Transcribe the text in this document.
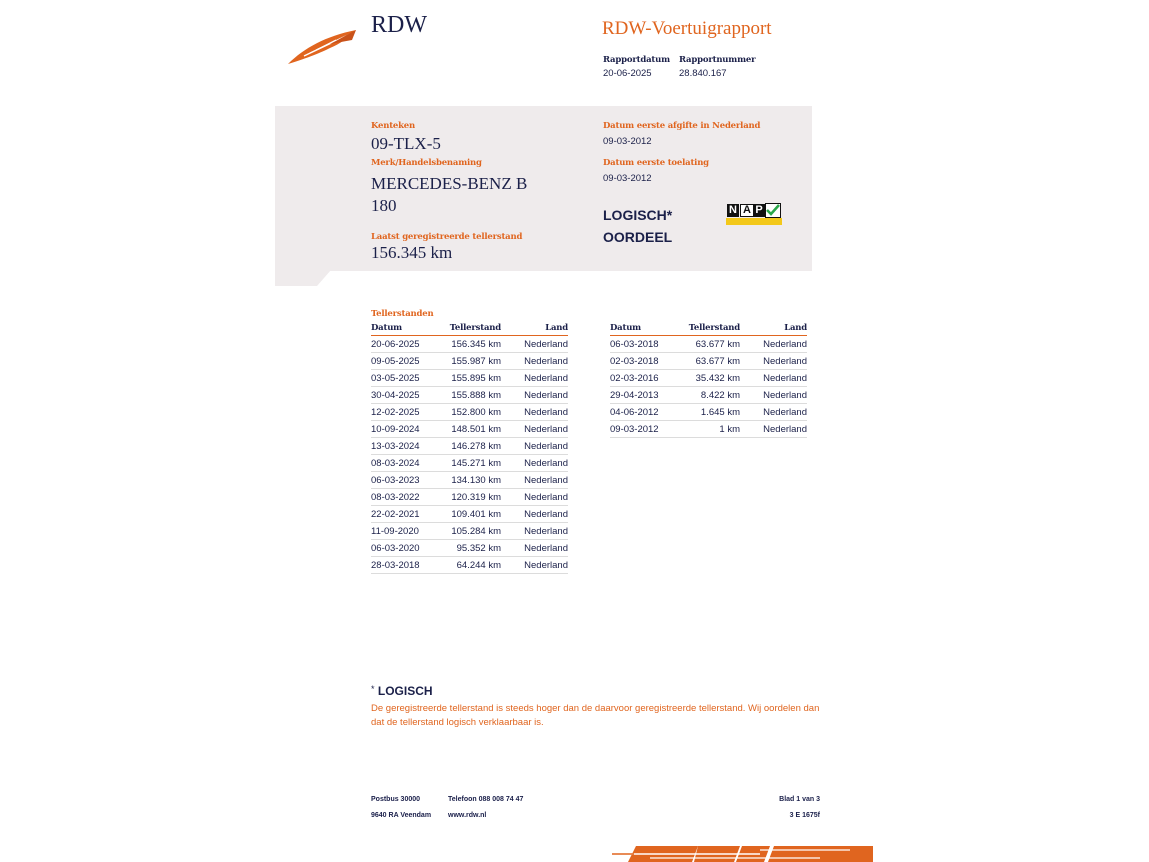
RDW	RDW-Voertuigrapport
Rapportdatum Rapportnummer
20-06-2025	28.840.167
Kenteken
09-TLX-5
Merk/Handelsbenaming
MERCEDES-BENZ B
180
Laatst geregistreerde tellerstand
156.345 km
Datum eerste afgifte in Nederland
09-03-2012
Datum eerste toelating
09-03-2012
LOGISCH*
OORDEEL
N A P
Tellerstanden
Datum	Tellerstand	Land
20-06-2025	156.345 km	Nederland
09-05-2025	155.987 km	Nederland
03-05-2025	155.895 km	Nederland
30-04-2025	155.888 km	Nederland
12-02-2025	152.800 km	Nederland
10-09-2024	148.501 km	Nederland
13-03-2024	146.278 km	Nederland
08-03-2024	145.271 km	Nederland
06-03-2023	134.130 km	Nederland
08-03-2022	120.319 km	Nederland
22-02-2021	109.401 km	Nederland
11-09-2020	105.284 km	Nederland
06-03-2020	95.352 km	Nederland
28-03-2018	64.244 km	Nederland
Datum	Tellerstand	Land
06-03-2018	63.677 km	Nederland
02-03-2018	63.677 km	Nederland
02-03-2016	35.432 km	Nederland
29-04-2013	8.422 km	Nederland
04-06-2012	1.645 km	Nederland
09-03-2012	1 km	Nederland
* LOGISCH
De geregistreerde tellerstand is steeds hoger dan de daarvoor geregistreerde tellerstand. Wij oordelen dan
dat de tellerstand logisch verklaarbaar is.
Postbus 30000
9640 RA Veendam
Telefoon 088 008 74 47
www.rdw.nl
Blad 1 van 3
3 E 1675f
